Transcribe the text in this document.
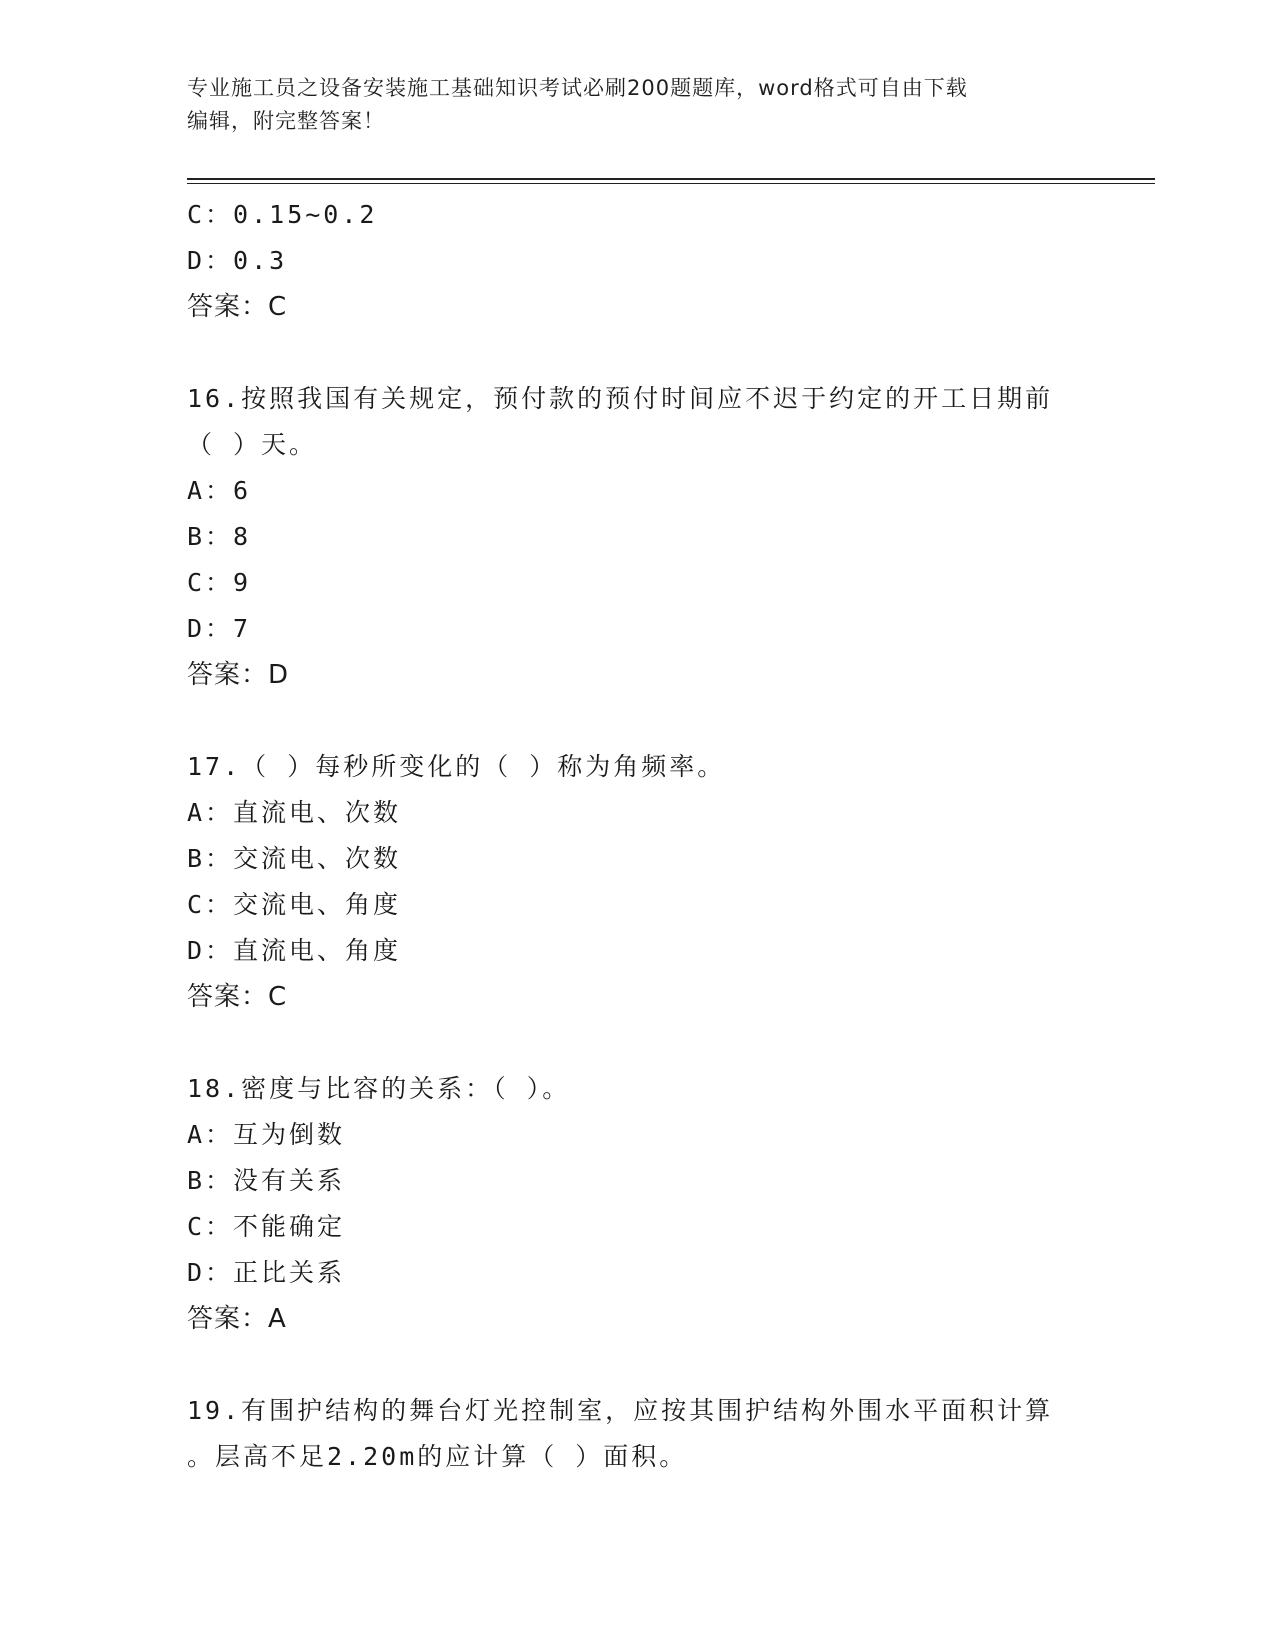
专业施工员之设备安装施工基础知识考试必刷200题题库，word格式可自由下载
编辑，附完整答案！
C：0.15~0.2
D：0.3
答案：C
16.按照我国有关规定，预付款的预付时间应不迟于约定的开工日期前
（ ）天。
A：6
B：8
C：9
D：7
答案：D
17.（ ）每秒所变化的（ ）称为角频率。
A：直流电、次数
B：交流电、次数
C：交流电、角度
D：直流电、角度
答案：C
18.密度与比容的关系：（ ）。
A：互为倒数
B：没有关系
C：不能确定
D：正比关系
答案：A
19.有围护结构的舞台灯光控制室，应按其围护结构外围水平面积计算
。层高不足2.20m的应计算（ ）面积。
